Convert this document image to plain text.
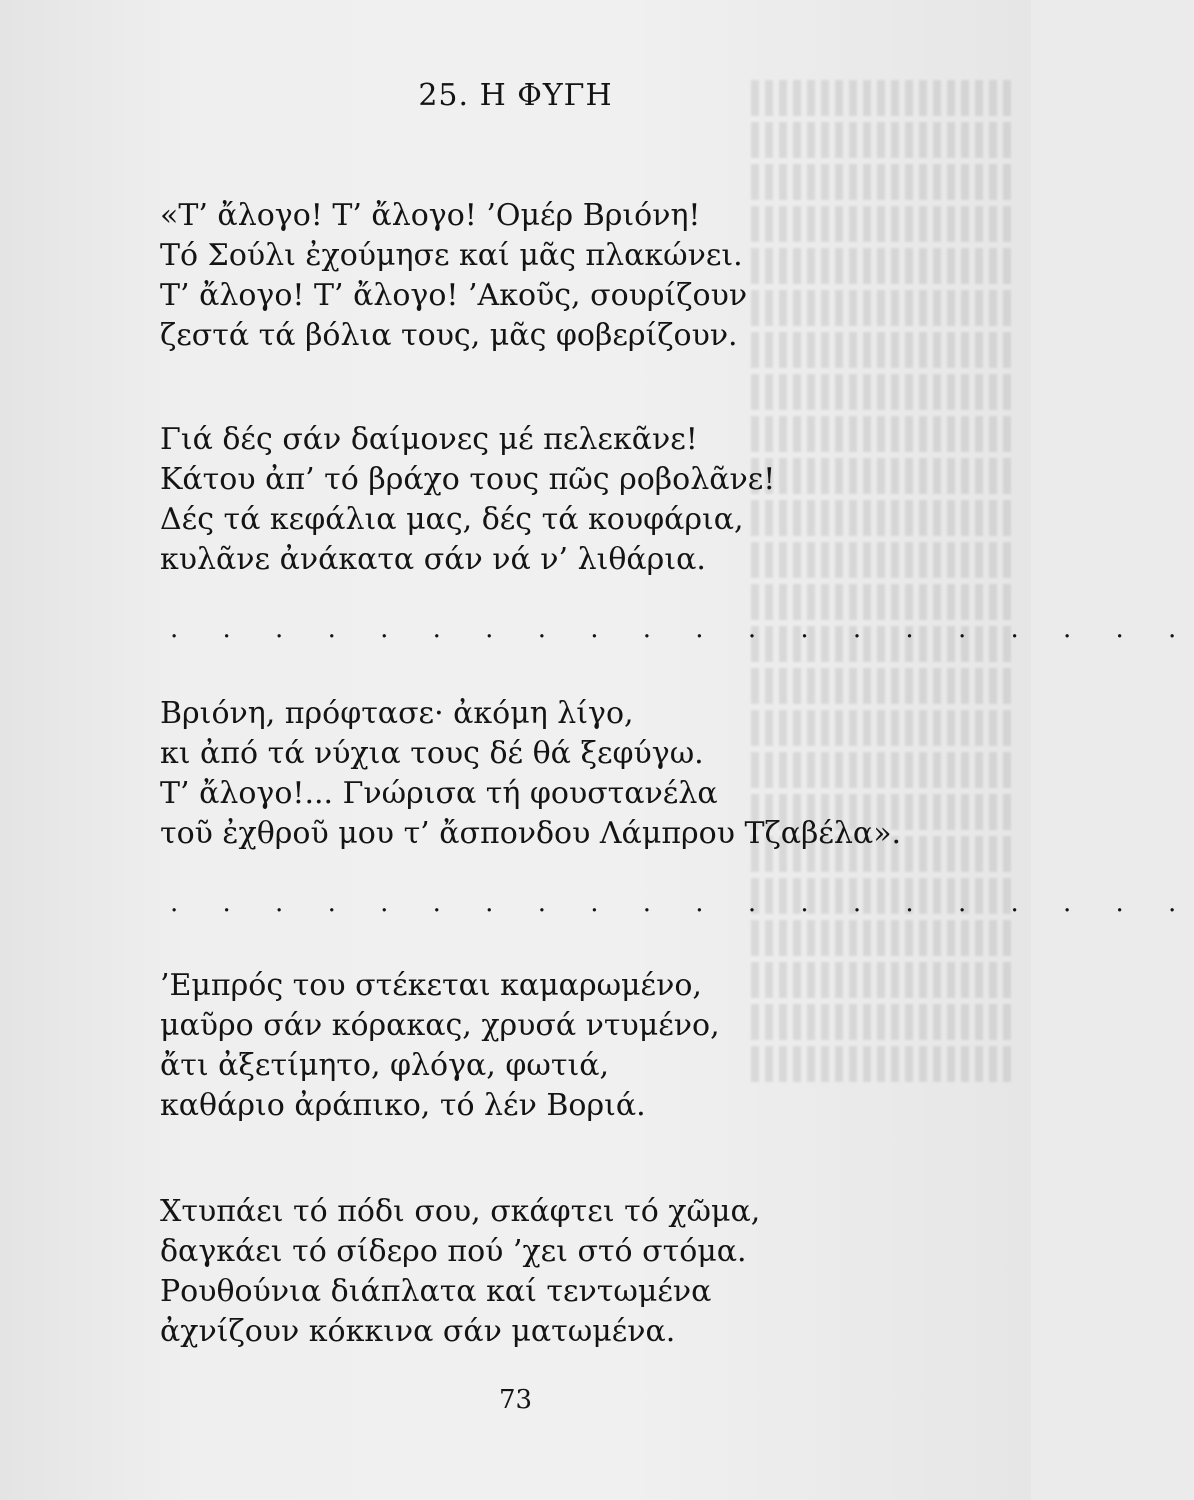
25. Η ΦΥΓΗ
«Τ’ ἄλογο! Τ’ ἄλογο! ’Ομέρ Βριόνη!
Τό Σούλι ἐχούμησε καί μᾶς πλακώνει.
Τ’ ἄλογο! Τ’ ἄλογο! ’Ακοῦς, σουρίζουν
ζεστά τά βόλια τους, μᾶς φοβερίζουν.
Γιά δές σάν δαίμονες μέ πελεκᾶνε!
Κάτου ἀπ’ τό βράχο τους πῶς ροβολᾶνε!
Δές τά κεφάλια μας, δές τά κουφάρια,
κυλᾶνε ἀνάκατα σάν νά ν’ λιθάρια.
. . . . . . . . . . . . . . . . . . . .
Βριόνη, πρόφτασε· ἀκόμη λίγο,
κι ἀπό τά νύχια τους δέ θά ξεφύγω.
Τ’ ἄλογο!... Γνώρισα τή φουστανέλα
τοῦ ἐχθροῦ μου τ’ ἄσπονδου Λάμπρου Τζαβέλα».
. . . . . . . . . . . . . . . . . . . .
’Εμπρός του στέκεται καμαρωμένο,
μαῦρο σάν κόρακας, χρυσά ντυμένο,
ἄτι ἀξετίμητο, φλόγα, φωτιά,
καθάριο ἀράπικο, τό λέν Βοριά.
Χτυπάει τό πόδι σου, σκάφτει τό χῶμα,
δαγκάει τό σίδερο πού ’χει στό στόμα.
Ρουθούνια διάπλατα καί τεντωμένα
ἀχνίζουν κόκκινα σάν ματωμένα.
73
